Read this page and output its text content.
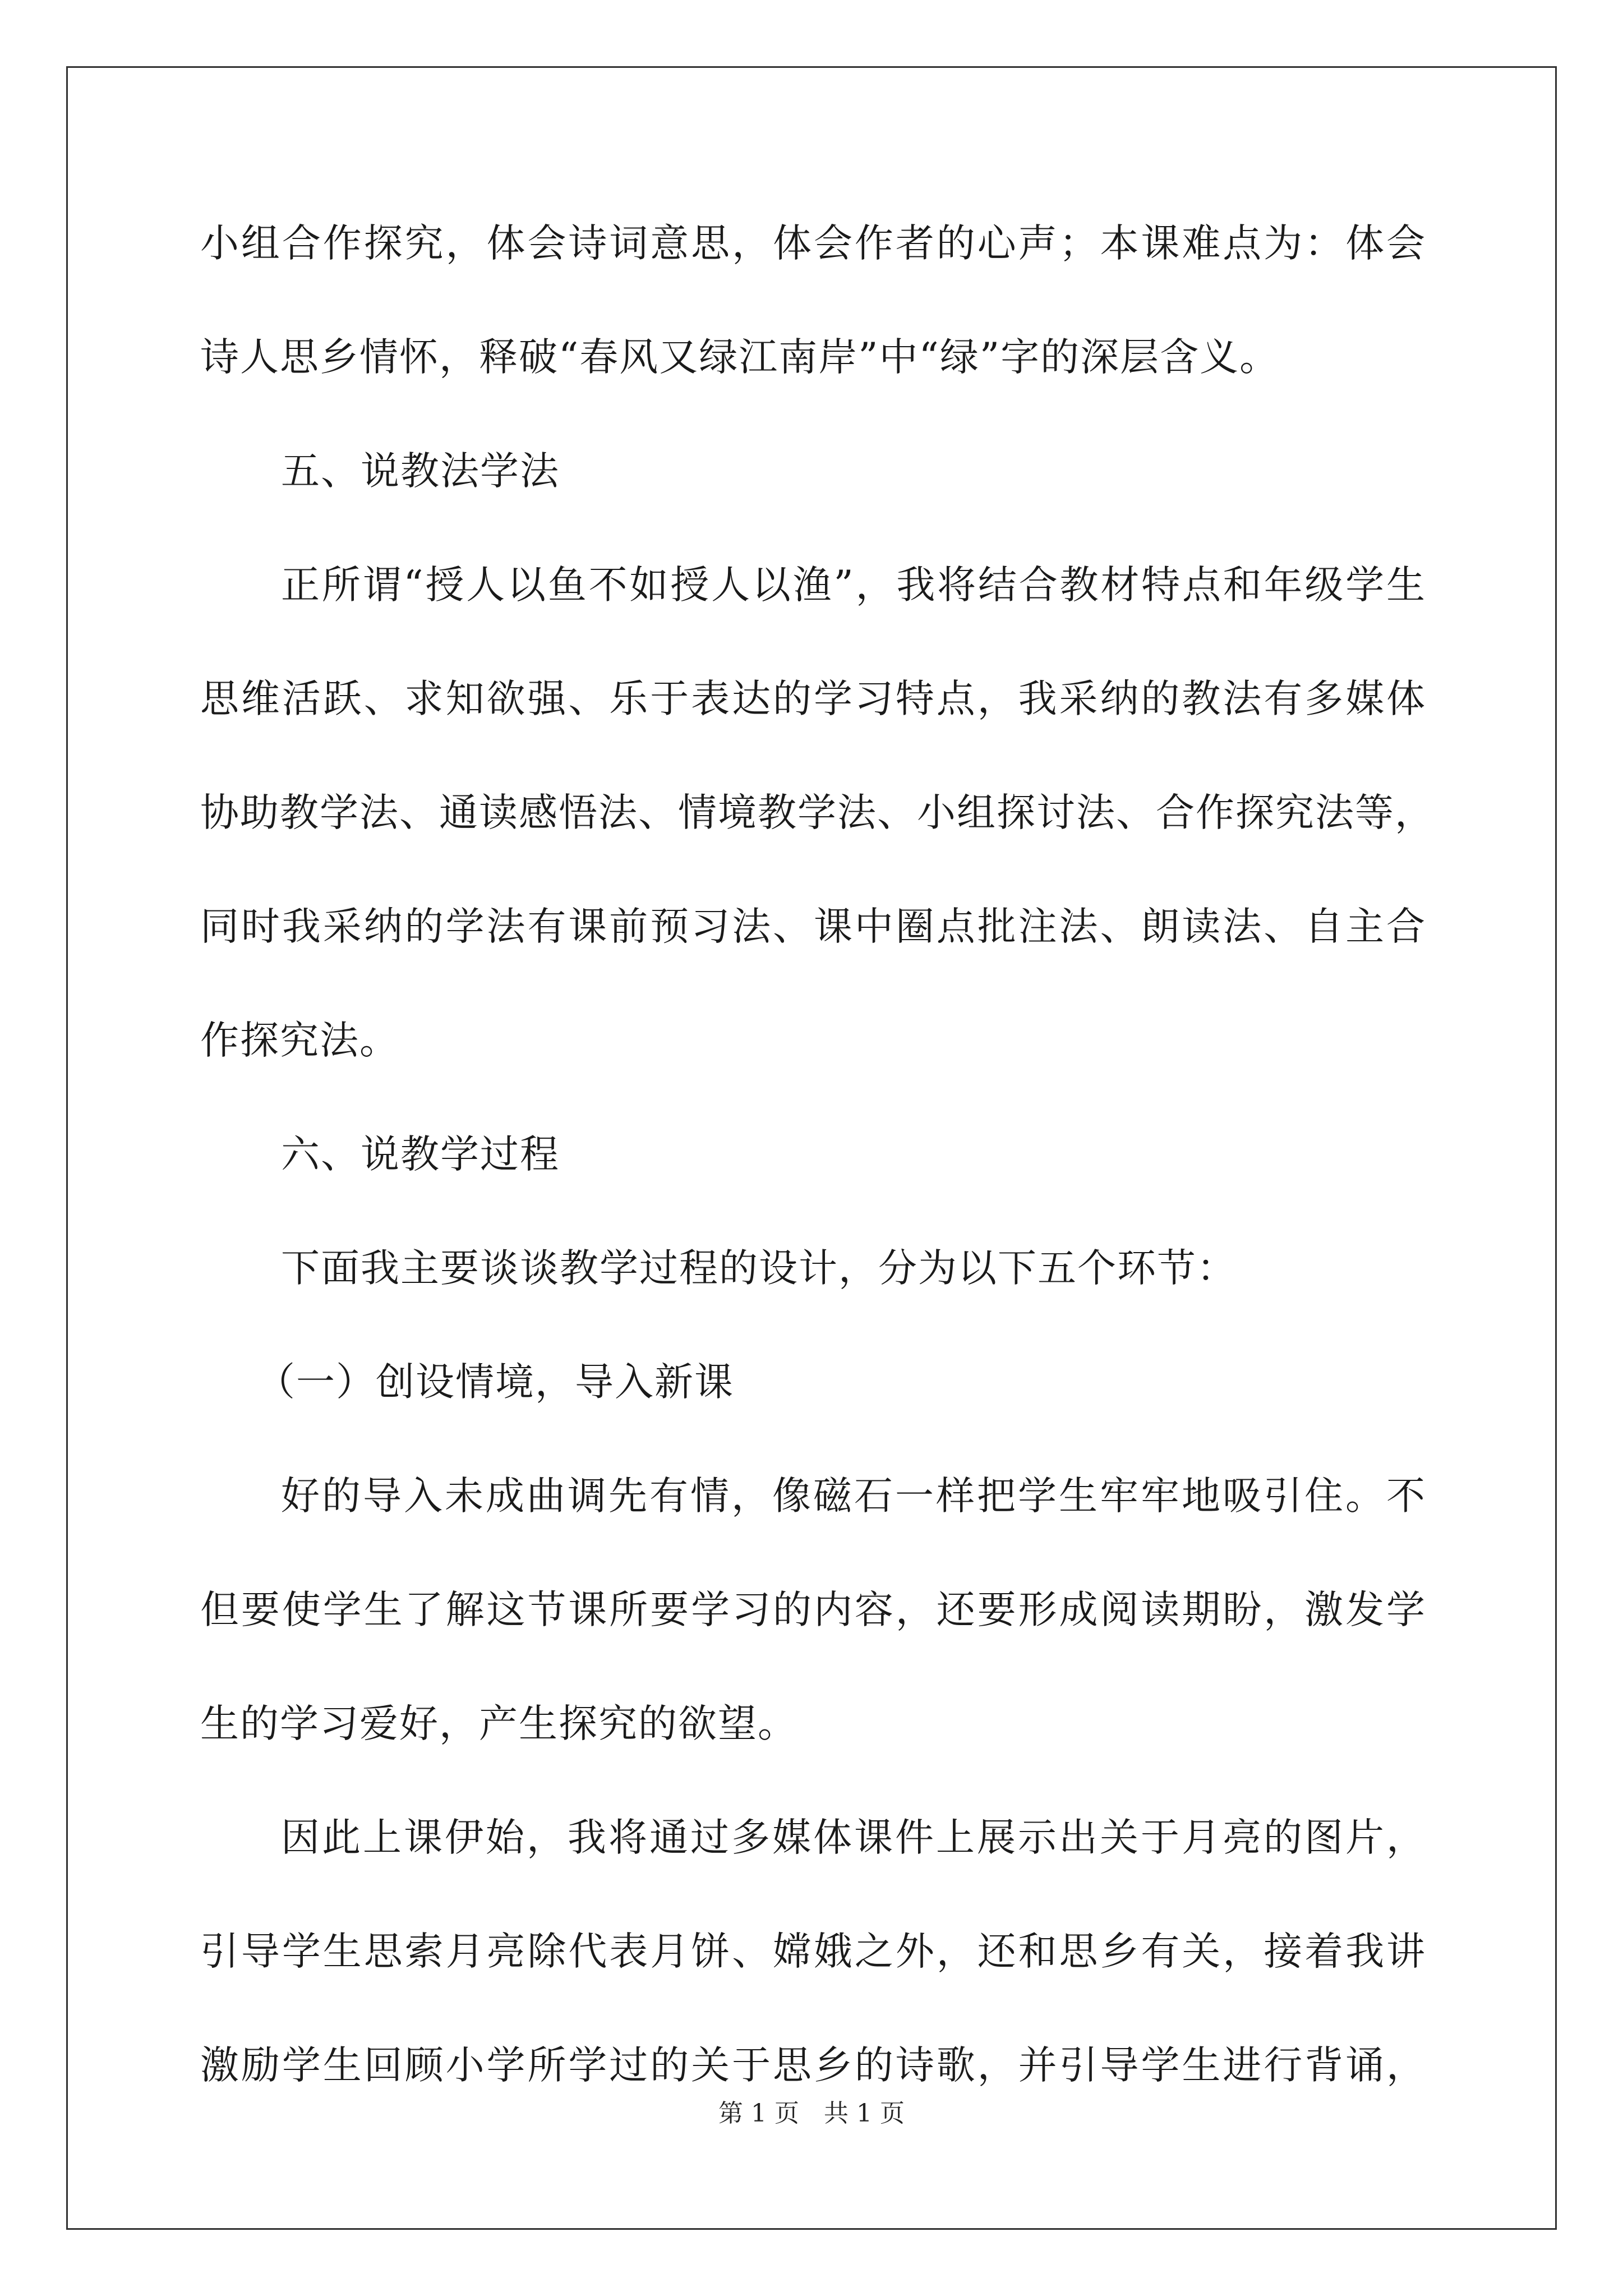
小组合作探究，体会诗词意思，体会作者的心声；本课难点为：体会
诗人思乡情怀，释破“春风又绿江南岸”中“绿”字的深层含义。
五、说教法学法
正所谓“授人以鱼不如授人以渔”，我将结合教材特点和年级学生
思维活跃、求知欲强、乐于表达的学习特点，我采纳的教法有多媒体
协助教学法、通读感悟法、情境教学法、小组探讨法、合作探究法等，
同时我采纳的学法有课前预习法、课中圈点批注法、朗读法、自主合
作探究法。
六、说教学过程
下面我主要谈谈教学过程的设计，分为以下五个环节：
（一）创设情境，导入新课
好的导入未成曲调先有情，像磁石一样把学生牢牢地吸引住。不
但要使学生了解这节课所要学习的内容，还要形成阅读期盼，激发学
生的学习爱好，产生探究的欲望。
因此上课伊始，我将通过多媒体课件上展示出关于月亮的图片，
引导学生思索月亮除代表月饼、嫦娥之外，还和思乡有关，接着我讲
激励学生回顾小学所学过的关于思乡的诗歌，并引导学生进行背诵，
第 1 页　共 1 页
